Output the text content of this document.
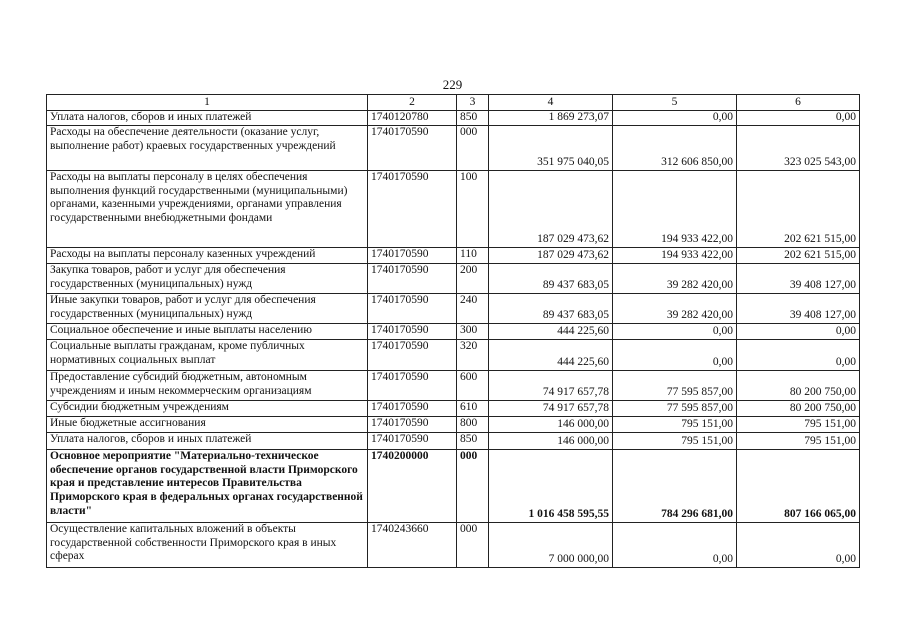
229
1	2	3	4	5	6
Уплата налогов, сборов и иных платежей	1740120780	850	1 869 273,07	0,00	0,00
Расходы на обеспечение деятельности (оказание услуг, выполнение работ) краевых государственных учреждений	1740170590	000	351 975 040,05	312 606 850,00	323 025 543,00
Расходы на выплаты персоналу в целях обеспечения выполнения функций государственными (муниципальными) органами, казенными учреждениями, органами управления государственными внебюджетными фондами	1740170590	100	187 029 473,62	194 933 422,00	202 621 515,00
Расходы на выплаты персоналу казенных учреждений	1740170590	110	187 029 473,62	194 933 422,00	202 621 515,00
Закупка товаров, работ и услуг для обеспечения государственных (муниципальных) нужд	1740170590	200	89 437 683,05	39 282 420,00	39 408 127,00
Иные закупки товаров, работ и услуг для обеспечения государственных (муниципальных) нужд	1740170590	240	89 437 683,05	39 282 420,00	39 408 127,00
Социальное обеспечение и иные выплаты населению	1740170590	300	444 225,60	0,00	0,00
Социальные выплаты гражданам, кроме публичных нормативных социальных выплат	1740170590	320	444 225,60	0,00	0,00
Предоставление субсидий бюджетным, автономным учреждениям и иным некоммерческим организациям	1740170590	600	74 917 657,78	77 595 857,00	80 200 750,00
Субсидии бюджетным учреждениям	1740170590	610	74 917 657,78	77 595 857,00	80 200 750,00
Иные бюджетные ассигнования	1740170590	800	146 000,00	795 151,00	795 151,00
Уплата налогов, сборов и иных платежей	1740170590	850	146 000,00	795 151,00	795 151,00
Основное мероприятие "Материально-техническое обеспечение органов государственной власти Приморского края и представление интересов Правительства Приморского края в федеральных органах государственной власти"	1740200000	000	1 016 458 595,55	784 296 681,00	807 166 065,00
Осуществление капитальных вложений в объекты государственной собственности Приморского края в иных сферах	1740243660	000	7 000 000,00	0,00	0,00
